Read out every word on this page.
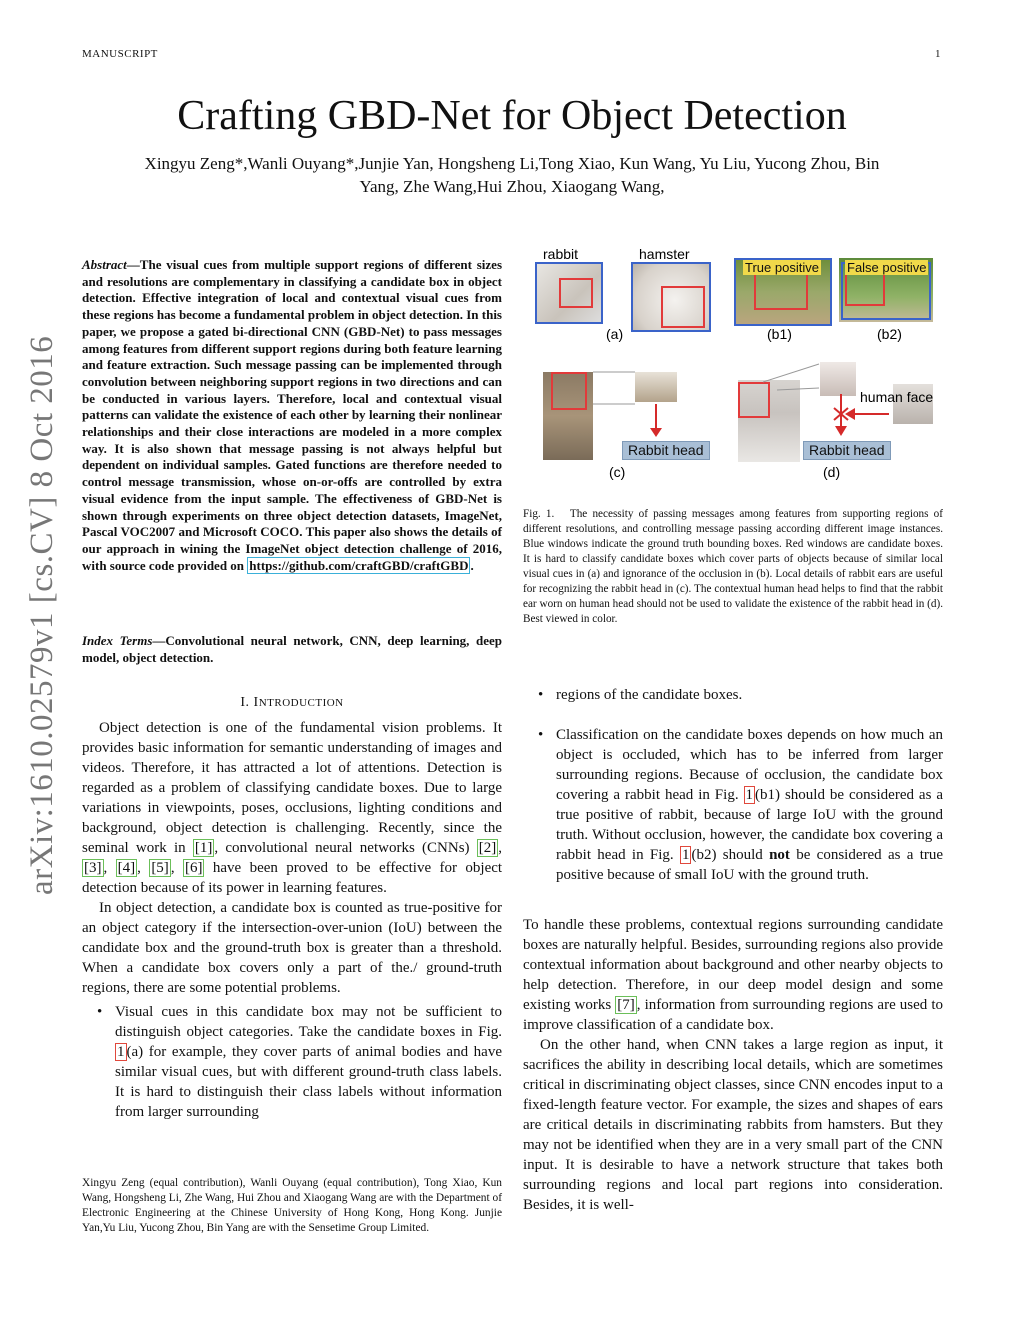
MANUSCRIPT	1
Crafting GBD-Net for Object Detection
Xingyu Zeng*,Wanli Ouyang*,Junjie Yan, Hongsheng Li,Tong Xiao, Kun Wang, Yu Liu, Yucong Zhou, Bin
Yang, Zhe Wang,Hui Zhou, Xiaogang Wang,
arXiv:1610.02579v1 [cs.CV] 8 Oct 2016
Abstract—The visual cues from multiple support regions of different sizes and resolutions are complementary in classifying a candidate box in object detection. Effective integration of local and contextual visual cues from these regions has become a fundamental problem in object detection. In this paper, we propose a gated bi-directional CNN (GBD-Net) to pass messages among features from different support regions during both feature learning and feature extraction. Such message passing can be implemented through convolution between neighboring support regions in two directions and can be conducted in various layers. Therefore, local and contextual visual patterns can validate the existence of each other by learning their nonlinear relationships and their close interactions are modeled in a more complex way. It is also shown that message passing is not always helpful but dependent on individual samples. Gated functions are therefore needed to control message transmission, whose on-or-offs are controlled by extra visual evidence from the input sample. The effectiveness of GBD-Net is shown through experiments on three object detection datasets, ImageNet, Pascal VOC2007 and Microsoft COCO. This paper also shows the details of our approach in wining the ImageNet object detection challenge of 2016, with source code provided on https://github.com/craftGBD/craftGBD .
Index Terms—Convolutional neural network, CNN, deep learning, deep model, object detection.
I. INTRODUCTION

Object detection is one of the fundamental vision problems. It provides basic information for semantic understanding of images and videos. Therefore, it has attracted a lot of attentions. Detection is regarded as a problem of classifying candidate boxes. Due to large variations in viewpoints, poses, occlusions, lighting conditions and background, object detection is challenging. Recently, since the seminal work in [1] , convolutional neural networks (CNNs) [2] , [3] , [4] , [5] , [6] have been proved to be effective for object detection because of its power in learning features.

In object detection, a candidate box is counted as true-positive for an object category if the intersection-over-union (IoU) between the candidate box and the ground-truth box is greater than a threshold. When a candidate box covers only a part of the./ ground-truth regions, there are some potential problems.

• Visual cues in this candidate box may not be sufficient to distinguish object categories. Take the candidate boxes in Fig. 1 (a) for example, they cover parts of animal bodies and have similar visual cues, but with different ground-truth class labels. It is hard to distinguish their class labels without information from larger surrounding
Xingyu Zeng (equal contribution), Wanli Ouyang (equal contribution), Tong Xiao, Kun Wang, Hongsheng Li, Zhe Wang, Hui Zhou and Xiaogang Wang are with the Department of Electronic Engineering at the Chinese University of Hong Kong, Hong Kong. Junjie Yan,Yu Liu, Yucong Zhou, Bin Yang are with the Sensetime Group Limited.
rabbit	hamster
(a)
True positive
(b1)
False positive
(b2)
Rabbit head
(c)
human face
Rabbit head
(d)
Fig. 1. The necessity of passing messages among features from supporting regions of different resolutions, and controlling message passing according different image instances. Blue windows indicate the ground truth bounding boxes. Red windows are candidate boxes. It is hard to classify candidate boxes which cover parts of objects because of similar local visual cues in (a) and ignorance of the occlusion in (b). Local details of rabbit ears are useful for recognizing the rabbit head in (c). The contextual human head helps to find that the rabbit ear worn on human head should not be used to validate the existence of the rabbit head in (d). Best viewed in color.
• regions of the candidate boxes.
• Classification on the candidate boxes depends on how much an object is occluded, which has to be inferred from larger surrounding regions. Because of occlusion, the candidate box covering a rabbit head in Fig. 1 (b1) should be considered as a true positive of rabbit, because of large IoU with the ground truth. Without occlusion, however, the candidate box covering a rabbit head in Fig. 1 (b2) should not be considered as a true positive because of small IoU with the ground truth.

To handle these problems, contextual regions surrounding candidate boxes are naturally helpful. Besides, surrounding regions also provide contextual information about background and other nearby objects to help detection. Therefore, in our deep model design and some existing works [7] , information from surrounding regions are used to improve classification of a candidate box.

On the other hand, when CNN takes a large region as input, it sacrifices the ability in describing local details, which are sometimes critical in discriminating object classes, since CNN encodes input to a fixed-length feature vector. For example, the sizes and shapes of ears are critical details in discriminating rabbits from hamsters. But they may not be identified when they are in a very small part of the CNN input. It is desirable to have a network structure that takes both surrounding regions and local part regions into consideration. Besides, it is well-
